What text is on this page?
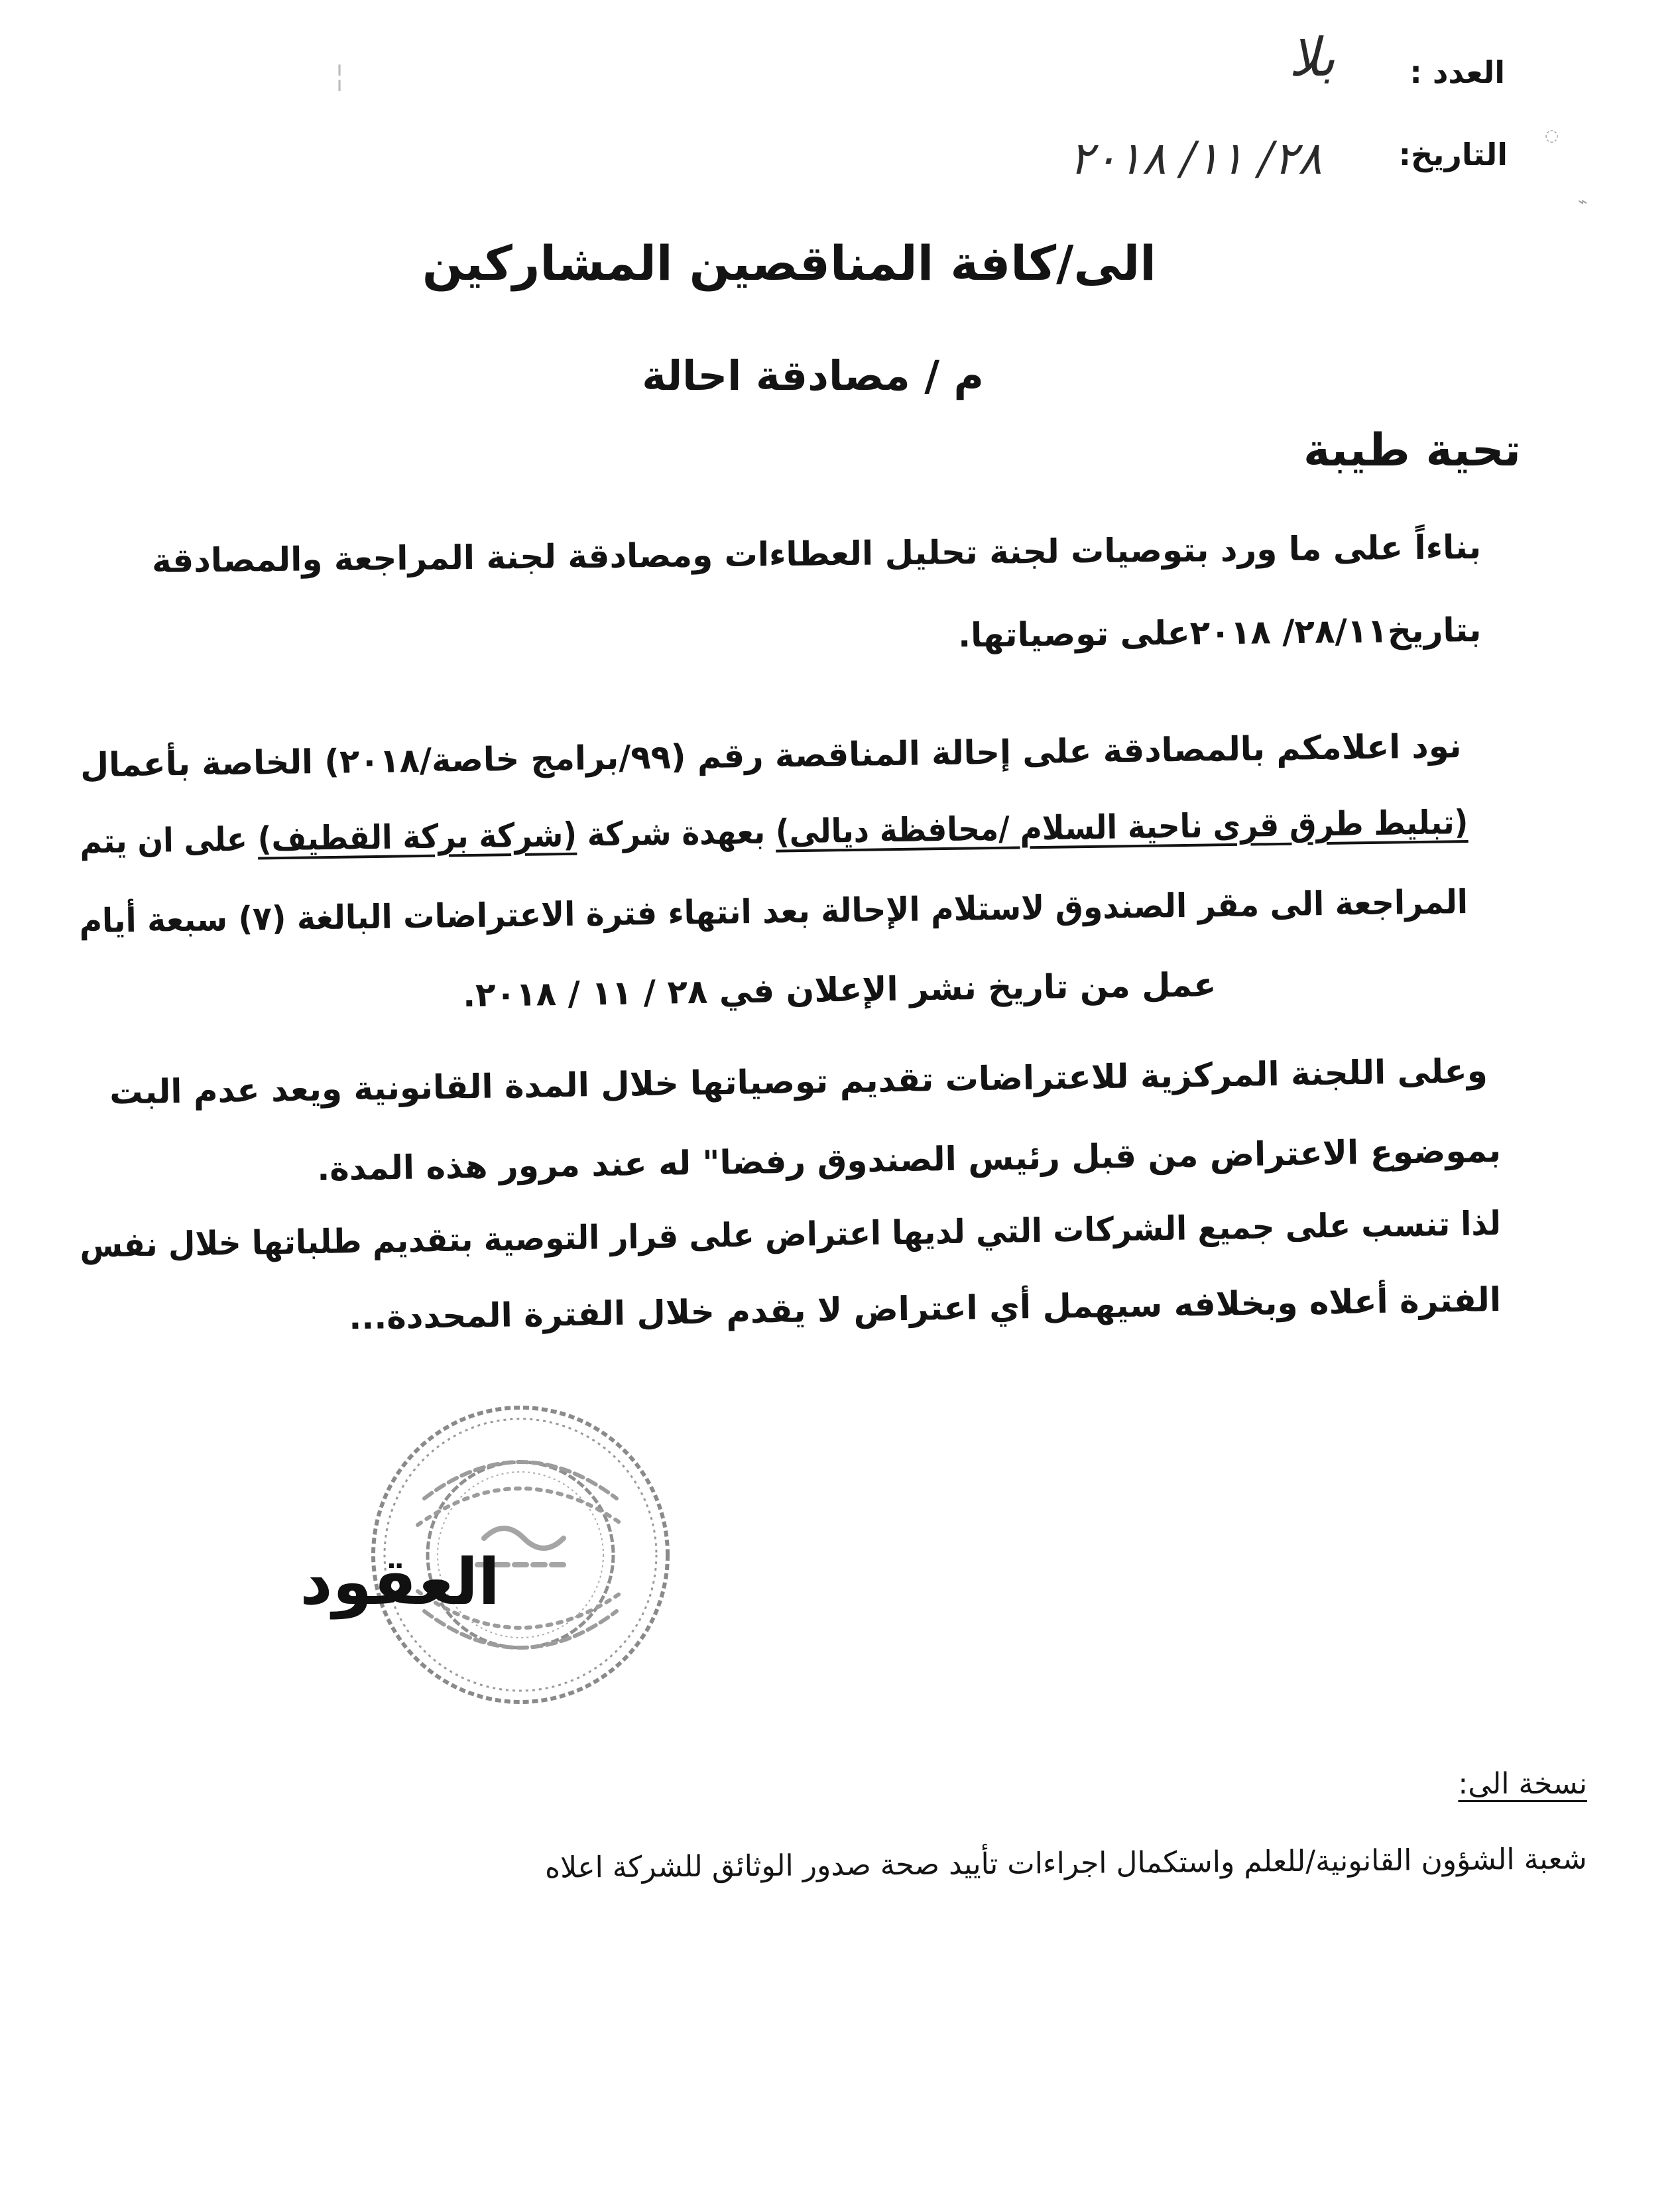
◌
⌁
╎	العدد :
بلا
التاريخ:
٢٨/ ١١/ ٢٠١٨
الى/كافة المناقصين المشاركين
م / مصادقة احالة
تحية طيبة
بناءاً على ما ورد بتوصيات لجنة تحليل العطاءات ومصادقة لجنة المراجعة والمصادقة
بتاريخ٢٨/١١/ ٢٠١٨على توصياتها.
نود اعلامكم بالمصادقة على إحالة المناقصة رقم (٩٩/برامج خاصة/٢٠١٨) الخاصة بأعمال
(تبليط طرق قرى ناحية السلام /محافظة ديالى) بعهدة شركة (شركة بركة القطيف) على ان يتم
المراجعة الى مقر الصندوق لاستلام الإحالة بعد انتهاء فترة الاعتراضات البالغة (٧) سبعة أيام
عمل من تاريخ نشر الإعلان في ٢٨ / ١١ / ٢٠١٨.
وعلى اللجنة المركزية للاعتراضات تقديم توصياتها خلال المدة القانونية ويعد عدم البت
بموضوع الاعتراض من قبل رئيس الصندوق رفضا" له عند مرور هذه المدة.
لذا تنسب على جميع الشركات التي لديها اعتراض على قرار التوصية بتقديم طلباتها خلال نفس
الفترة أعلاه وبخلافه سيهمل أي اعتراض لا يقدم خلال الفترة المحددة...
العقود
نسخة الى:
شعبة الشؤون القانونية/للعلم واستكمال اجراءات تأييد صحة صدور الوثائق للشركة اعلاه
